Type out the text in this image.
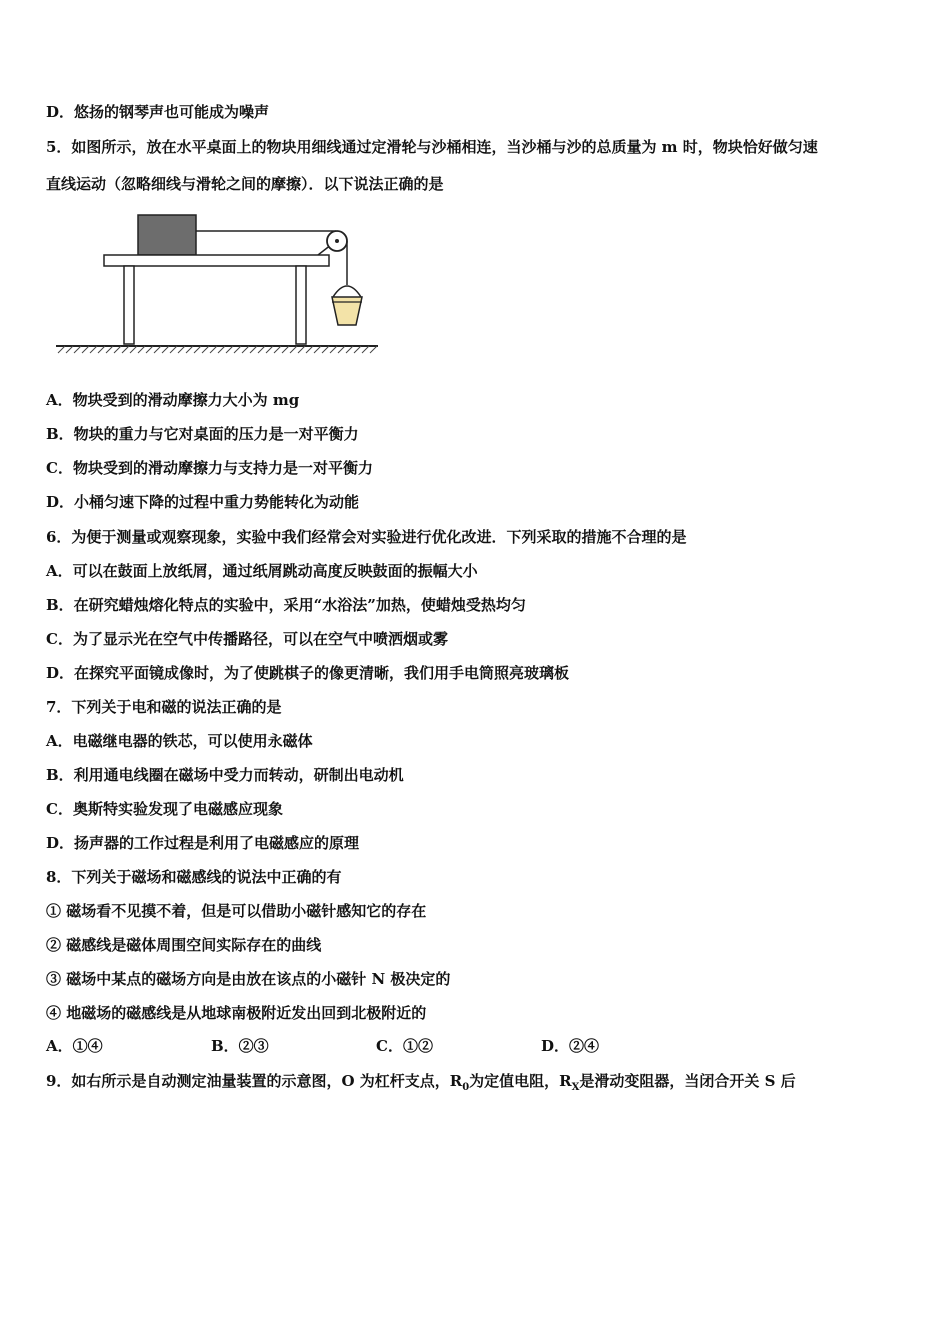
D．悠扬的钢琴声也可能成为噪声
5．如图所示，放在水平桌面上的物块用细线通过定滑轮与沙桶相连，当沙桶与沙的总质量为 m 时，物块恰好做匀速
直线运动（忽略细线与滑轮之间的摩擦）．以下说法正确的是
A．物块受到的滑动摩擦力大小为 mg
B．物块的重力与它对桌面的压力是一对平衡力
C．物块受到的滑动摩擦力与支持力是一对平衡力
D．小桶匀速下降的过程中重力势能转化为动能
6．为便于测量或观察现象，实验中我们经常会对实验进行优化改进．下列采取的措施不合理的是
A．可以在鼓面上放纸屑，通过纸屑跳动高度反映鼓面的振幅大小
B．在研究蜡烛熔化特点的实验中，采用“水浴法”加热，使蜡烛受热均匀
C．为了显示光在空气中传播路径，可以在空气中喷洒烟或雾
D．在探究平面镜成像时，为了使跳棋子的像更清晰，我们用手电筒照亮玻璃板
7．下列关于电和磁的说法正确的是
A．电磁继电器的铁芯，可以使用永磁体
B．利用通电线圈在磁场中受力而转动，研制出电动机
C．奥斯特实验发现了电磁感应现象
D．扬声器的工作过程是利用了电磁感应的原理
8．下列关于磁场和磁感线的说法中正确的有
① 磁场看不见摸不着，但是可以借助小磁针感知它的存在
② 磁感线是磁体周围空间实际存在的曲线
③ 磁场中某点的磁场方向是由放在该点的小磁针 N 极决定的
④ 地磁场的磁感线是从地球南极附近发出回到北极附近的
A．①④	B．②③	C．①②	D．②④
9．如右所示是自动测定油量装置的示意图，O 为杠杆支点，$R_0$为定值电阻，$R_X$是滑动变阻器，当闭合开关 S 后
